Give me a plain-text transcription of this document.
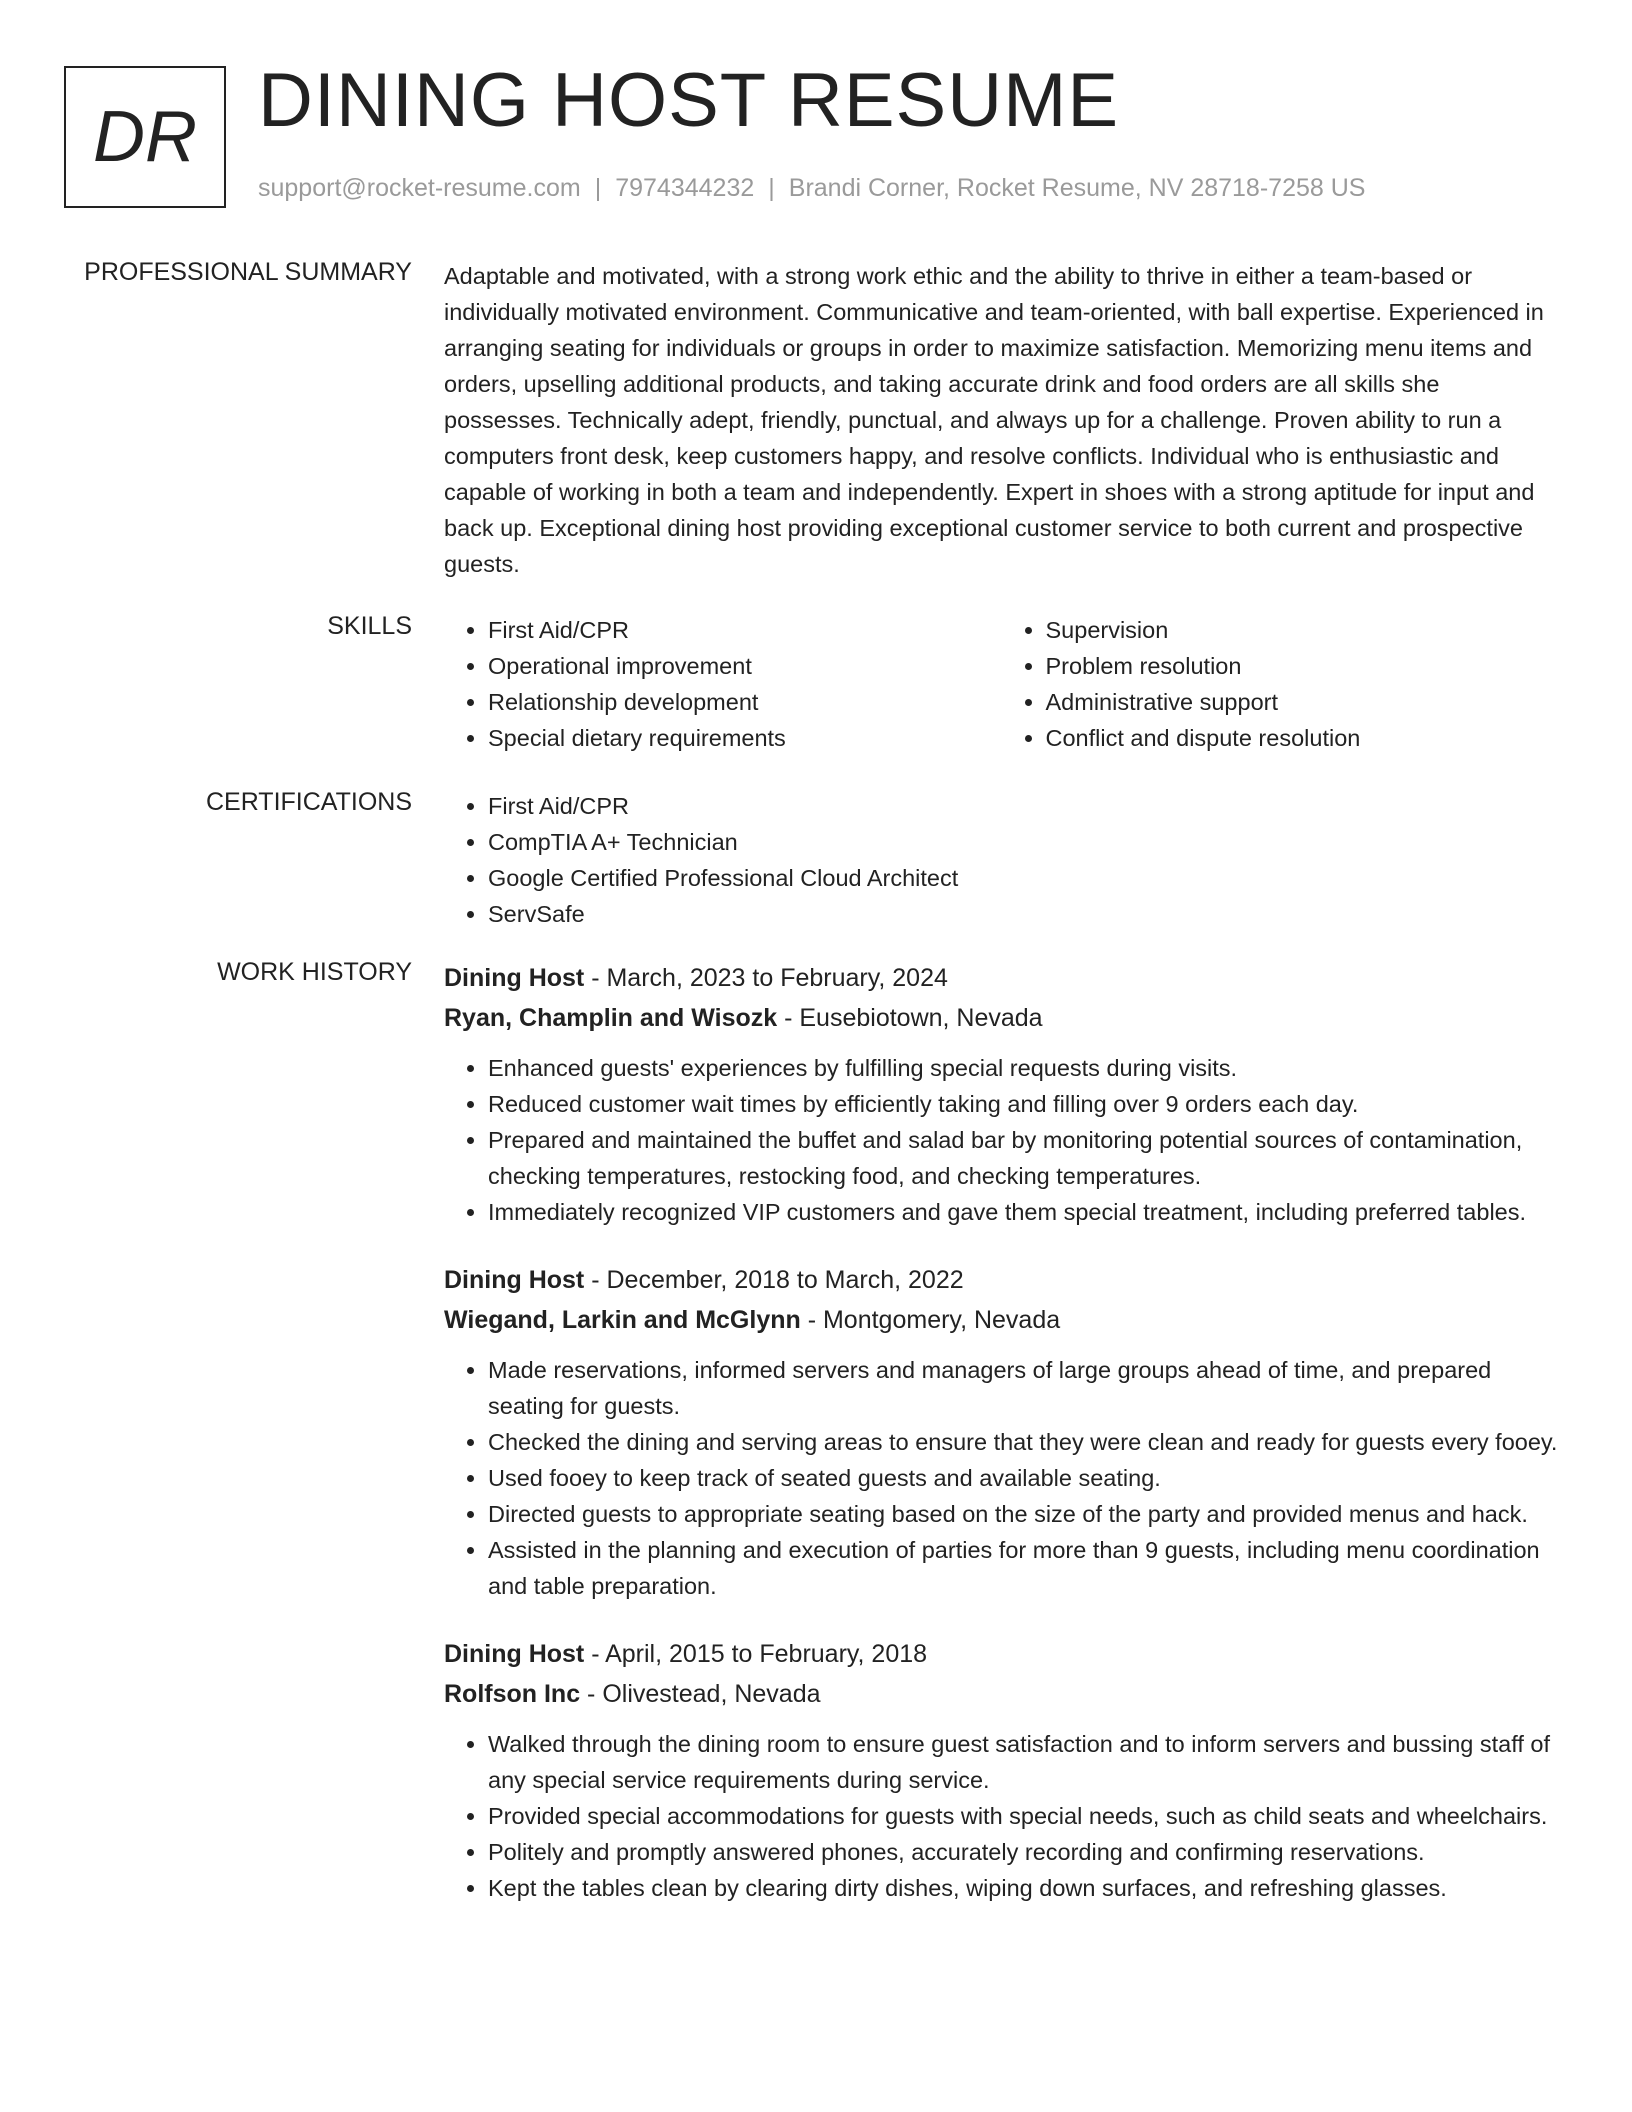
DR DINING HOST RESUME
support@rocket-resume.com | 7974344232 | Brandi Corner, Rocket Resume, NV 28718-7258 US
PROFESSIONAL SUMMARY Adaptable and motivated, with a strong work ethic and the ability to thrive in either a team-based or individually motivated environment. Communicative and team-oriented, with ball expertise. Experienced in arranging seating for individuals or groups in order to maximize satisfaction. Memorizing menu items and orders, upselling additional products, and taking accurate drink and food orders are all skills she possesses. Technically adept, friendly, punctual, and always up for a challenge. Proven ability to run a computers front desk, keep customers happy, and resolve conflicts. Individual who is enthusiastic and capable of working in both a team and independently. Expert in shoes with a strong aptitude for input and back up. Exceptional dining host providing exceptional customer service to both current and prospective guests.
SKILLS	• First Aid/CPR
• Operational improvement
• Relationship development
• Special dietary requirements
• Supervision
• Problem resolution
• Administrative support
• Conflict and dispute resolution
CERTIFICATIONS	• First Aid/CPR
• CompTIA A+ Technician
• Google Certified Professional Cloud Architect
• ServSafe
WORK HISTORY Dining Host - March, 2023 to February, 2024
Ryan, Champlin and Wisozk - Eusebiotown, Nevada
• Enhanced guests' experiences by fulfilling special requests during visits.
• Reduced customer wait times by efficiently taking and filling over 9 orders each day.
• Prepared and maintained the buffet and salad bar by monitoring potential sources of contamination, checking temperatures, restocking food, and checking temperatures.
• Immediately recognized VIP customers and gave them special treatment, including preferred tables.
Dining Host - December, 2018 to March, 2022
Wiegand, Larkin and McGlynn - Montgomery, Nevada
• Made reservations, informed servers and managers of large groups ahead of time, and prepared seating for guests.
• Checked the dining and serving areas to ensure that they were clean and ready for guests every fooey.
• Used fooey to keep track of seated guests and available seating.
• Directed guests to appropriate seating based on the size of the party and provided menus and hack.
• Assisted in the planning and execution of parties for more than 9 guests, including menu coordination and table preparation.
Dining Host - April, 2015 to February, 2018
Rolfson Inc - Olivestead, Nevada
• Walked through the dining room to ensure guest satisfaction and to inform servers and bussing staff of any special service requirements during service.
• Provided special accommodations for guests with special needs, such as child seats and wheelchairs.
• Politely and promptly answered phones, accurately recording and confirming reservations.
• Kept the tables clean by clearing dirty dishes, wiping down surfaces, and refreshing glasses.
